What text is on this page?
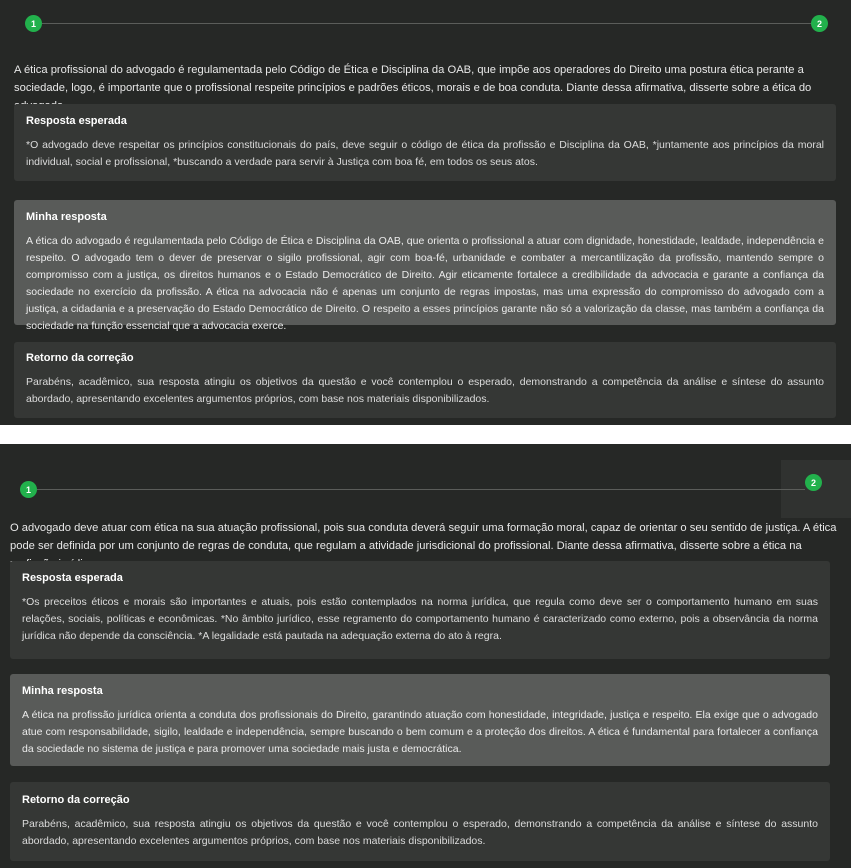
1	2
A ética profissional do advogado é regulamentada pelo Código de Ética e Disciplina da OAB, que impõe aos operadores do Direito uma postura ética perante a sociedade, logo, é importante que o profissional respeite princípios e padrões éticos, morais e de boa conduta. Diante dessa afirmativa, disserte sobre a ética do
Resposta esperada
*O advogado deve respeitar os princípios constitucionais do país, deve seguir o código de ética da profissão e Disciplina da OAB, *juntamente aos princípios da moral individual, social e profissional, *buscando a verdade para servir à Justiça com boa fé, em todos os seus atos.
Minha resposta
A ética do advogado é regulamentada pelo Código de Ética e Disciplina da OAB, que orienta o profissional a atuar com dignidade, honestidade, lealdade, independência e respeito. O advogado tem o dever de preservar o sigilo profissional, agir com boa-fé, urbanidade e combater a mercantilização da profissão, mantendo sempre o compromisso com a justiça, os direitos humanos e o Estado Democrático de Direito. Agir eticamente fortalece a credibilidade da advocacia e garante a confiança da sociedade no exercício da profissão. A ética na advocacia não é apenas um conjunto de regras impostas, mas uma expressão do compromisso do advogado com a justiça, a cidadania e a preservação do Estado Democrático de Direito. O respeito a esses princípios garante não só a valorização da classe, mas também a confiança da sociedade na função essencial que a advocacia exerce.
Retorno da correção
Parabéns, acadêmico, sua resposta atingiu os objetivos da questão e você contemplou o esperado, demonstrando a competência da análise e síntese do assunto abordado, apresentando excelentes argumentos próprios, com base nos materiais disponibilizados.
1
2
O advogado deve atuar com ética na sua atuação profissional, pois sua conduta deverá seguir uma formação moral, capaz de orientar o seu sentido de justiça. A ética pode ser definida por um conjunto de regras de conduta, que regulam a atividade jurisdicional do profissional. Diante dessa afirmativa, disserte sobre a ética na
Resposta esperada
*Os preceitos éticos e morais são importantes e atuais, pois estão contemplados na norma jurídica, que regula como deve ser o comportamento humano em suas relações, sociais, políticas e econômicas. *No âmbito jurídico, esse regramento do comportamento humano é caracterizado como externo, pois a observância da norma jurídica não depende da consciência. *A legalidade está pautada na adequação externa do ato à regra.
Minha resposta
A ética na profissão jurídica orienta a conduta dos profissionais do Direito, garantindo atuação com honestidade, integridade, justiça e respeito. Ela exige que o advogado atue com responsabilidade, sigilo, lealdade e independência, sempre buscando o bem comum e a proteção dos direitos. A ética é fundamental para fortalecer a confiança da sociedade no sistema de justiça e para promover uma sociedade mais justa e democrática.
Retorno da correção
Parabéns, acadêmico, sua resposta atingiu os objetivos da questão e você contemplou o esperado, demonstrando a competência da análise e síntese do assunto abordado, apresentando excelentes argumentos próprios, com base nos materiais disponibilizados.
